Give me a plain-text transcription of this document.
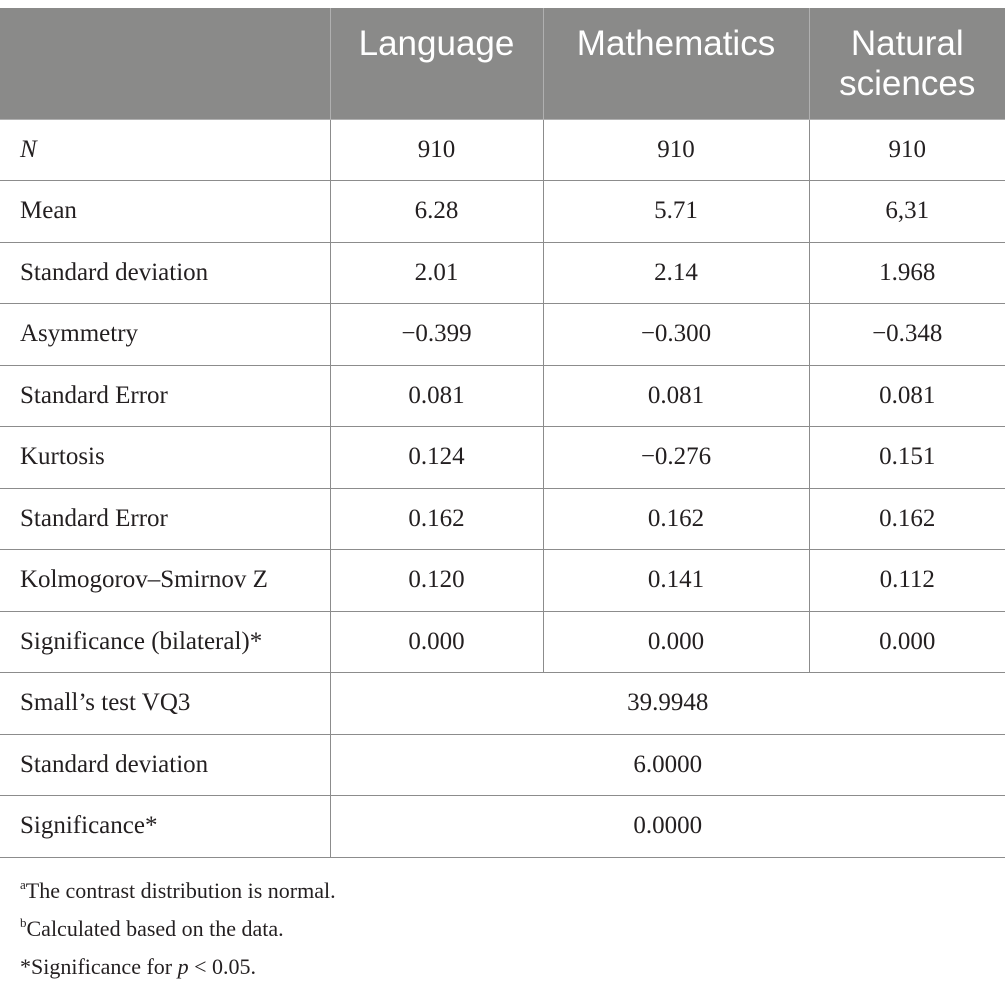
	Language	Mathematics	Natural sciences
N	910	910	910
Mean	6.28	5.71	6,31
Standard deviation	2.01	2.14	1.968
Asymmetry	−0.399	−0.300	−0.348
Standard Error	0.081	0.081	0.081
Kurtosis	0.124	−0.276	0.151
Standard Error	0.162	0.162	0.162
Kolmogorov–Smirnov Z	0.120	0.141	0.112
Significance (bilateral)*	0.000	0.000	0.000
Small’s test VQ3	39.9948		
Standard deviation	6.0000		
Significance*	0.0000		
$^a$The contrast distribution is normal.
$^b$Calculated based on the data.
*Significance for p < 0.05.
